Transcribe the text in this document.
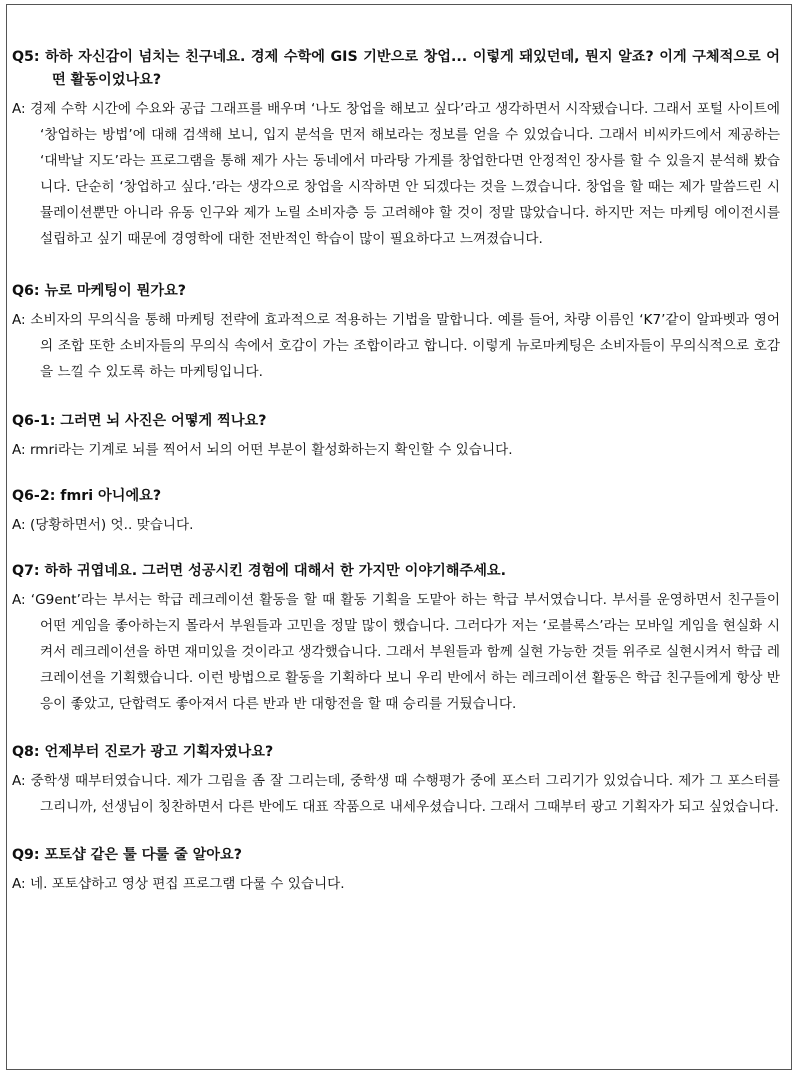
Q5: 하하 자신감이 넘치는 친구네요. 경제 수학에 GIS 기반으로 창업... 이렇게 돼있던데, 뭔지 알죠? 이게 구체적으로 어떤 활동이었나요?

A: 경제 수학 시간에 수요와 공급 그래프를 배우며 ‘나도 창업을 해보고 싶다’라고 생각하면서 시작됐습니다. 그래서 포털 사이트에 ‘창업하는 방법’에 대해 검색해 보니, 입지 분석을 먼저 해보라는 정보를 얻을 수 있었습니다. 그래서 비씨카드에서 제공하는 ‘대박날 지도’라는 프로그램을 통해 제가 사는 동네에서 마라탕 가게를 창업한다면 안정적인 장사를 할 수 있을지 분석해 봤습니다. 단순히 ‘창업하고 싶다.’라는 생각으로 창업을 시작하면 안 되겠다는 것을 느꼈습니다. 창업을 할 때는 제가 말씀드린 시뮬레이션뿐만 아니라 유동 인구와 제가 노릴 소비자층 등 고려해야 할 것이 정말 많았습니다. 하지만 저는 마케팅 에이전시를 설립하고 싶기 때문에 경영학에 대한 전반적인 학습이 많이 필요하다고 느껴졌습니다.

Q6: 뉴로 마케팅이 뭔가요?

A: 소비자의 무의식을 통해 마케팅 전략에 효과적으로 적용하는 기법을 말합니다. 예를 들어, 차량 이름인 ‘K7’같이 알파벳과 영어의 조합 또한 소비자들의 무의식 속에서 호감이 가는 조합이라고 합니다. 이렇게 뉴로마케팅은 소비자들이 무의식적으로 호감을 느낄 수 있도록 하는 마케팅입니다.

Q6-1: 그러면 뇌 사진은 어떻게 찍나요?

A: rmri라는 기계로 뇌를 찍어서 뇌의 어떤 부분이 활성화하는지 확인할 수 있습니다.

Q6-2: fmri 아니에요?

A: (당황하면서) 엇.. 맞습니다.

Q7: 하하 귀엽네요. 그러면 성공시킨 경험에 대해서 한 가지만 이야기해주세요.

A: ‘G9ent’라는 부서는 학급 레크레이션 활동을 할 때 활동 기획을 도맡아 하는 학급 부서였습니다. 부서를 운영하면서 친구들이 어떤 게임을 좋아하는지 몰라서 부원들과 고민을 정말 많이 했습니다. 그러다가 저는 ‘로블록스’라는 모바일 게임을 현실화 시켜서 레크레이션을 하면 재미있을 것이라고 생각했습니다. 그래서 부원들과 함께 실현 가능한 것들 위주로 실현시켜서 학급 레크레이션을 기획했습니다. 이런 방법으로 활동을 기획하다 보니 우리 반에서 하는 레크레이션 활동은 학급 친구들에게 항상 반응이 좋았고, 단합력도 좋아져서 다른 반과 반 대항전을 할 때 승리를 거뒀습니다.

Q8: 언제부터 진로가 광고 기획자였나요?

A: 중학생 때부터였습니다. 제가 그림을 좀 잘 그리는데, 중학생 때 수행평가 중에 포스터 그리기가 있었습니다. 제가 그 포스터를 그리니까, 선생님이 칭찬하면서 다른 반에도 대표 작품으로 내세우셨습니다. 그래서 그때부터 광고 기획자가 되고 싶었습니다.

Q9: 포토샵 같은 툴 다룰 줄 알아요?

A: 네. 포토샵하고 영상 편집 프로그램 다룰 수 있습니다.
